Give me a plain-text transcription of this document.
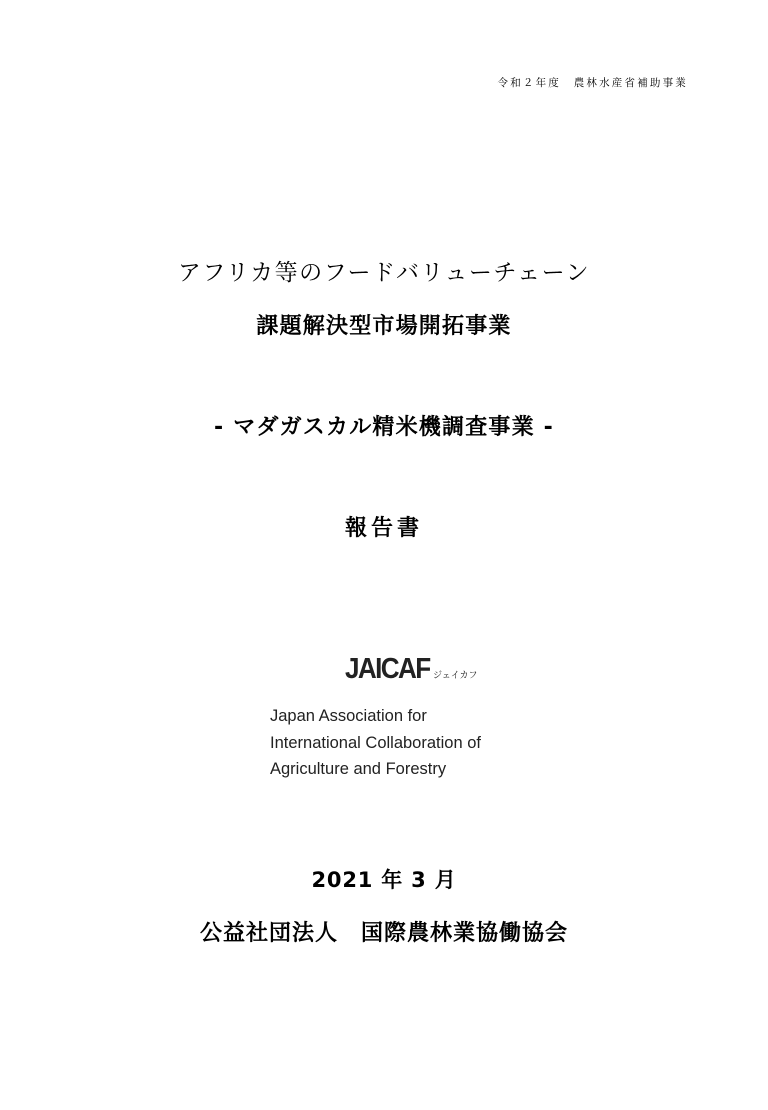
令和２年度　農林水産省補助事業
アフリカ等のフードバリューチェーン
課題解決型市場開拓事業
- マダガスカル精米機調査事業 -
報告書
JAICAF ジェイカフ
Japan Association for
International Collaboration of
Agriculture and Forestry
2021 年 3 月
公益社団法人　国際農林業協働協会
